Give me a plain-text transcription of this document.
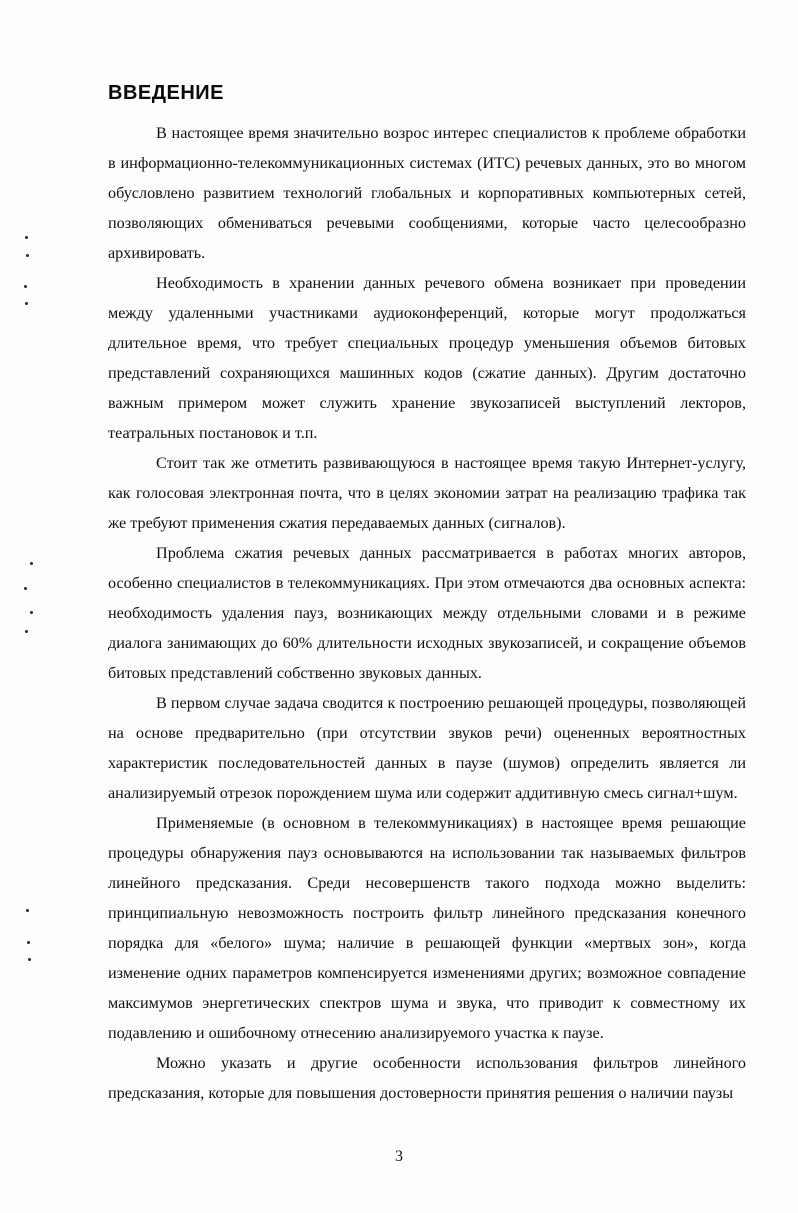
ВВЕДЕНИЕ

В настоящее время значительно возрос интерес специалистов к проблеме обработки в информационно-телекоммуникационных системах (ИТС) речевых данных, это во многом обусловлено развитием технологий глобальных и корпоративных компьютерных сетей, позволяющих обмениваться речевыми сообщениями, которые часто целесообразно архивировать.

Необходимость в хранении данных речевого обмена возникает при проведении между удаленными участниками аудиоконференций, которые могут продолжаться длительное время, что требует специальных процедур уменьшения объемов битовых представлений сохраняющихся машинных кодов (сжатие данных). Другим достаточно важным примером может служить хранение звукозаписей выступлений лекторов, театральных постановок и т.п.

Стоит так же отметить развивающуюся в настоящее время такую Интернет-услугу, как голосовая электронная почта, что в целях экономии затрат на реализацию трафика так же требуют применения сжатия передаваемых данных (сигналов).

Проблема сжатия речевых данных рассматривается в работах многих авторов, особенно специалистов в телекоммуникациях. При этом отмечаются два основных аспекта: необходимость удаления пауз, возникающих между отдельными словами и в режиме диалога занимающих до 60% длительности исходных звукозаписей, и сокращение объемов битовых представлений собственно звуковых данных.

В первом случае задача сводится к построению решающей процедуры, позволяющей на основе предварительно (при отсутствии звуков речи) оцененных вероятностных характеристик последовательностей данных в паузе (шумов) определить является ли анализируемый отрезок порождением шума или содержит аддитивную смесь сигнал+шум.

Применяемые (в основном в телекоммуникациях) в настоящее время решающие процедуры обнаружения пауз основываются на использовании так называемых фильтров линейного предсказания. Среди несовершенств такого подхода можно выделить: принципиальную невозможность построить фильтр линейного предсказания конечного порядка для «белого» шума; наличие в решающей функции «мертвых зон», когда изменение одних параметров компенсируется изменениями других; возможное совпадение максимумов энергетических спектров шума и звука, что приводит к совместному их подавлению и ошибочному отнесению анализируемого участка к паузе.

Можно указать и другие особенности использования фильтров линейного предсказания, которые для повышения достоверности принятия решения о наличии паузы

3
